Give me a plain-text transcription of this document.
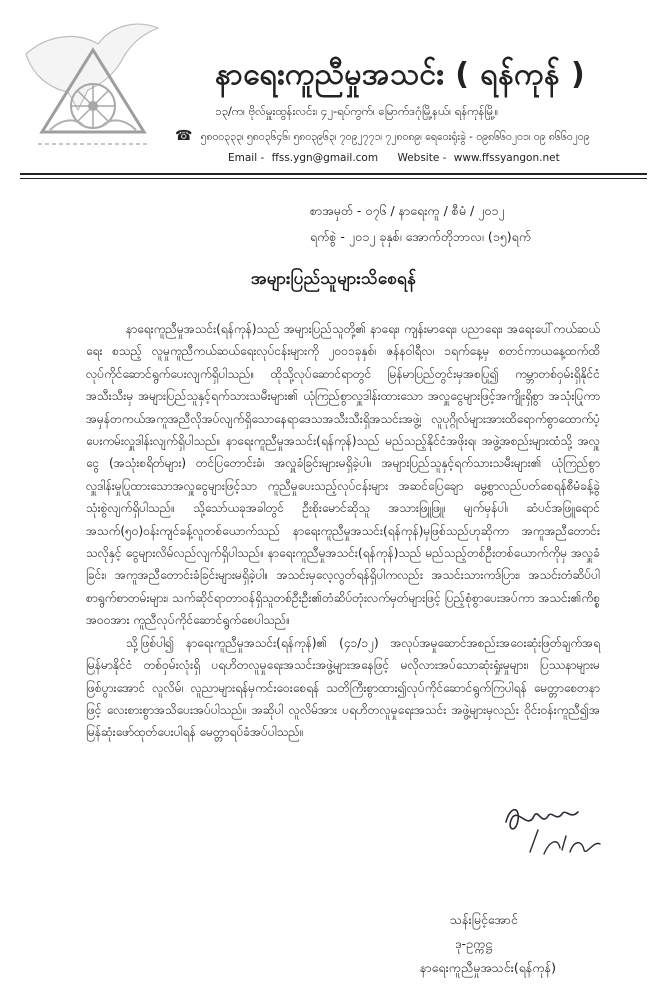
နာရေးကူညီမှုအသင်း ( ရန်ကုန် )
၁၃/က၊ ဗိုလ်မှူးထွန်းလင်း၊ ၄၂-ရပ်ကွက်၊ မြောက်ဒဂုံမြို့နယ်၊ ရန်ကုန်မြို့။
☎ ၅၈၀၀၃၃၃၊ ၅၈၀၃၆၄၆၊ ၅၈၀၃၉၆၃၊ ၇၀၉၂၇၇၁၊ ၇၂၈၀၈၉၊ ရေဝေးရုံးခွဲ - ၀၉၈၆၆၀၂၀၁၊ ၀၉ ၈၆၆၀၂၀၉
Email - ffss.ygn@gmail.com Website - www.ffssyangon.net
စာအမှတ် - ၀၇၆ / နာရေးကူ / စီမံ / ၂၀၁၂
ရက်စွဲ - ၂၀၁၂ ခုနှစ်၊ အောက်တိုဘာလ၊ (၁၅)ရက်
အများပြည်သူများသိစေရန်

နာရေးကူညီမှုအသင်း(ရန်ကုန်)သည် အများပြည်သူတို့၏ နာရေး၊ ကျန်းမာရေး၊ ပညာရေး၊ အရေးပေါ်ကယ်ဆယ်ရေး စသည့် လူမှုကူညီကယ်ဆယ်ရေးလုပ်ငန်းများကို ၂၀၀၁ခုနှစ်၊ ဇန်နဝါရီလ၊ ၁ရက်နေ့မှ စတင်ကာယနေ့ထက်ထိ လုပ်ကိုင်ဆောင်ရွက်ပေးလျက်ရှိပါသည်။ ထိုသို့လုပ်ဆောင်ရာတွင် မြန်မာပြည်တွင်းမှအစပြု၍ ကမ္ဘာတစ်ဝှမ်းရှိနိုင်ငံအသီးသီးမှ အများပြည်သူနှင့်ရက်သားသမီးများ၏ ယုံကြည်စွာလှူဒါန်းထားသော အလှူငွေများဖြင့်အကျိုးရှိစွာ အသုံးပြုကာ အမှန်တကယ်အကူအညီလိုအပ်လျက်ရှိသောနေရာဒေသအသီးသီးရှိအသင်းအဖွဲ့၊ လူပုဂ္ဂိုလ်များအားထိရောက်စွာထောက်ပံ့ပေးကမ်းလှူဒါန်းလျက်ရှိပါသည်။ နာရေးကူညီမှုအသင်း(ရန်ကုန်)သည် မည်သည့်နိုင်ငံအဖိုးရ၊ အဖွဲ့အစည်းများထံသို့ အလှူငွေ (အသုံးစရိတ်များ) တင်ပြတောင်းခံ၊ အလှူခံခြင်းများမရှိခဲ့ပါ။ အများပြည်သူနှင့်ရက်သားသမီးများ၏ ယုံကြည်စွာ လှူဒါန်းမှုပြုထားသောအလှူငွေများဖြင့်သာ ကူညီမှုပေးသည့်လုပ်ငန်းများ အဆင်ပြေချော မွေ့စွာလည်ပတ်စေရန်စီမံခန့်ခွဲသုံးစွဲလျက်ရှိပါသည်။ သို့သော်ယခုအခါတွင် ဦးစိုးမောင်ဆိုသူ အသားဖြူဖြူ၊ မျက်မှန်ပါ၊ ဆံပင်အဖြူရောင် အသက်(၅၀)ဝန်းကျင်ခန့်လူတစ်ယောက်သည် နာရေးကူညီမှုအသင်း(ရန်ကုန်)မှဖြစ်သည်ဟုဆိုကာ အကူအညီတောင်းသလိုနှင့် ငွေများလိမ်လည်လျက်ရှိပါသည်။ နာရေးကူညီမှုအသင်း(ရန်ကုန်)သည် မည်သည့်တစ်ဦးတစ်ယောက်ကိုမှ အလှူခံခြင်း၊ အကူအညီတောင်းခံခြင်းများမရှိခဲ့ပါ။ အသင်းမှလေ့လွတ်ရန်ရှိပါကလည်း အသင်းသားကဒ်ပြား၊ အသင်းတံဆိပ်ပါစာရွက်စာတမ်းများ၊ သက်ဆိုင်ရာတာဝန်ရှိသူတစ်ဦးဦး၏တံဆိပ်တုံးလက်မှတ်များဖြင့် ပြည့်စုံစွာပေးအပ်ကာ အသင်း၏ကိစ္စအဝဝအား ကူညီလုပ်ကိုင်ဆောင်ရွက်စေပါသည်။

သို့ဖြစ်ပါ၍ နာရေးကူညီမှုအသင်း(ရန်ကုန်)၏ (၄၁/၁၂) အလုပ်အမှုဆောင်အစည်းအဝေးဆုံးဖြတ်ချက်အရ မြန်မာနိုင်ငံ တစ်ဝှမ်းလုံးရှိ ပရဟိတလူမှုရေးအသင်းအဖွဲ့များအနေဖြင့် မလိုလားအပ်သောဆုံးရှုံးမှုများ၊ ပြဿနာများမဖြစ်ပွားအောင် လူလိမ်၊ လူညာများရန်မှကင်းဝေးစေရန် သတိကြီးစွာထား၍လုပ်ကိုင်ဆောင်ရွက်ကြပါရန် မေတ္တာစေတနာဖြင့် လေးစားစွာအသိပေးအပ်ပါသည်။ အဆိုပါ လူလိမ်အား ပရဟိတလူမှုရေးအသင်း အဖွဲ့များမှလည်း ဝိုင်းဝန်းကူညီ၍အမြန်ဆုံးဖော်ထုတ်ပေးပါရန် မေတ္တာရပ်ခံအပ်ပါသည်။

သန်းမြင့်အောင်
ဒု-ဥက္ကဋ္ဌ
နာရေးကူညီမှုအသင်း(ရန်ကုန်)
